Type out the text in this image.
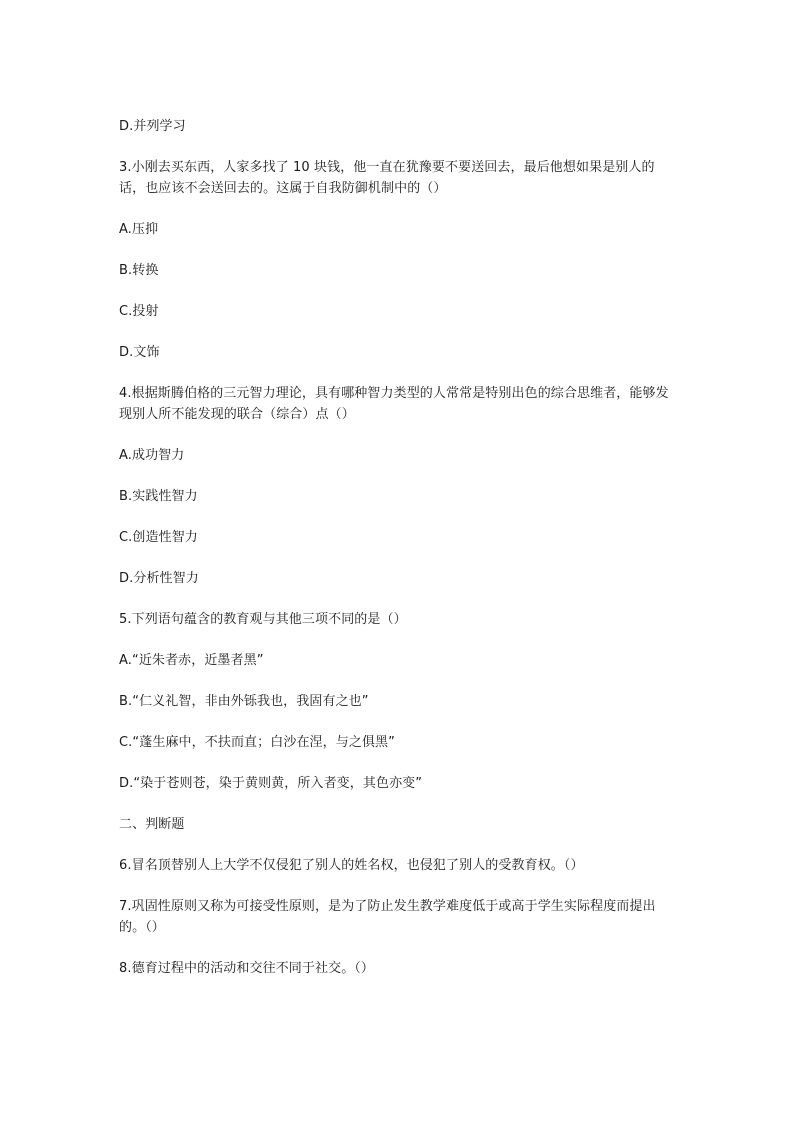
D.并列学习

3.小刚去买东西，人家多找了 10 块钱，他一直在犹豫要不要送回去，最后他想如果是别人的话，也应该不会送回去的。这属于自我防御机制中的（）

A.压抑

B.转换

C.投射

D.文饰

4.根据斯腾伯格的三元智力理论，具有哪种智力类型的人常常是特别出色的综合思维者，能够发现别人所不能发现的联合（综合）点（）

A.成功智力

B.实践性智力

C.创造性智力

D.分析性智力

5.下列语句蕴含的教育观与其他三项不同的是（）

A.“近朱者赤，近墨者黑”

B.“仁义礼智，非由外铄我也，我固有之也”

C.“蓬生麻中，不扶而直；白沙在涅，与之俱黑”

D.“染于苍则苍，染于黄则黄，所入者变，其色亦变”

二、判断题

6.冒名顶替别人上大学不仅侵犯了别人的姓名权，也侵犯了别人的受教育权。（）

7.巩固性原则又称为可接受性原则，是为了防止发生教学难度低于或高于学生实际程度而提出的。（）

8.德育过程中的活动和交往不同于社交。（）
